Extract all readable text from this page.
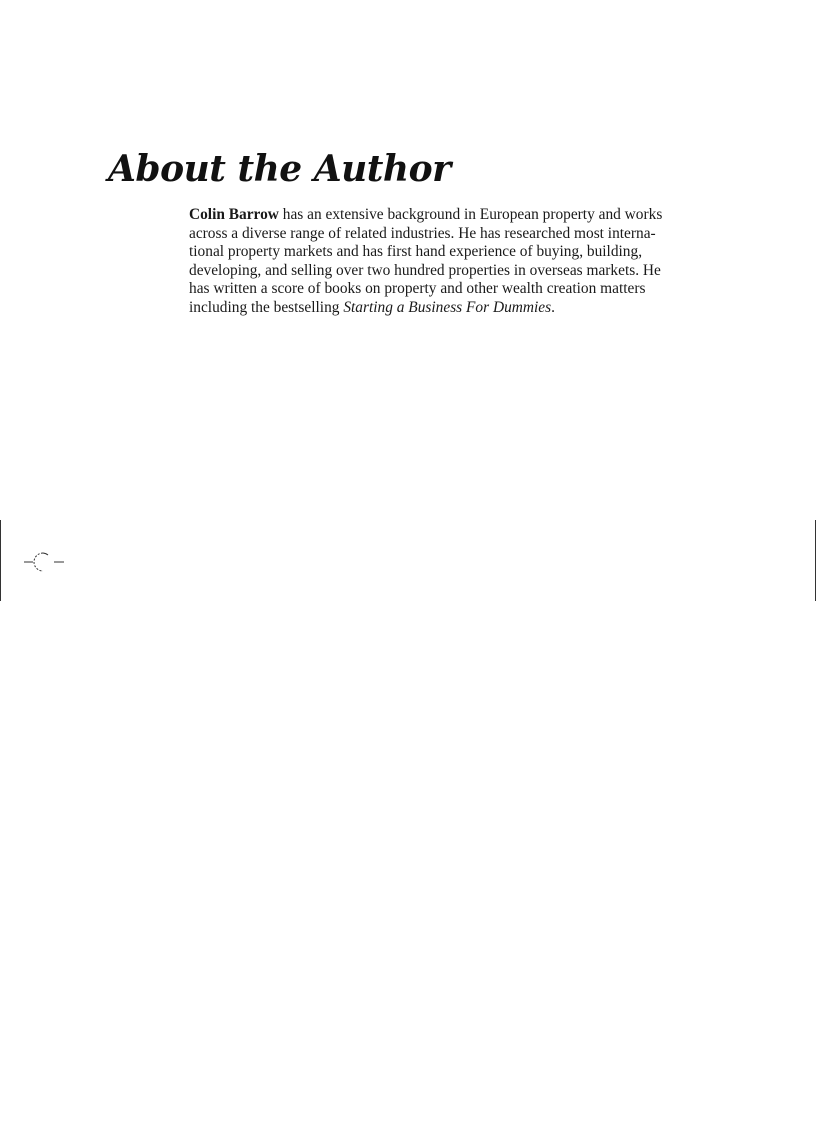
About the Author

Colin Barrow has an extensive background in European property and works
across a diverse range of related industries. He has researched most interna-
tional property markets and has first hand experience of buying, building,
developing, and selling over two hundred properties in overseas markets. He
has written a score of books on property and other wealth creation matters
including the bestselling Starting a Business For Dummies.
